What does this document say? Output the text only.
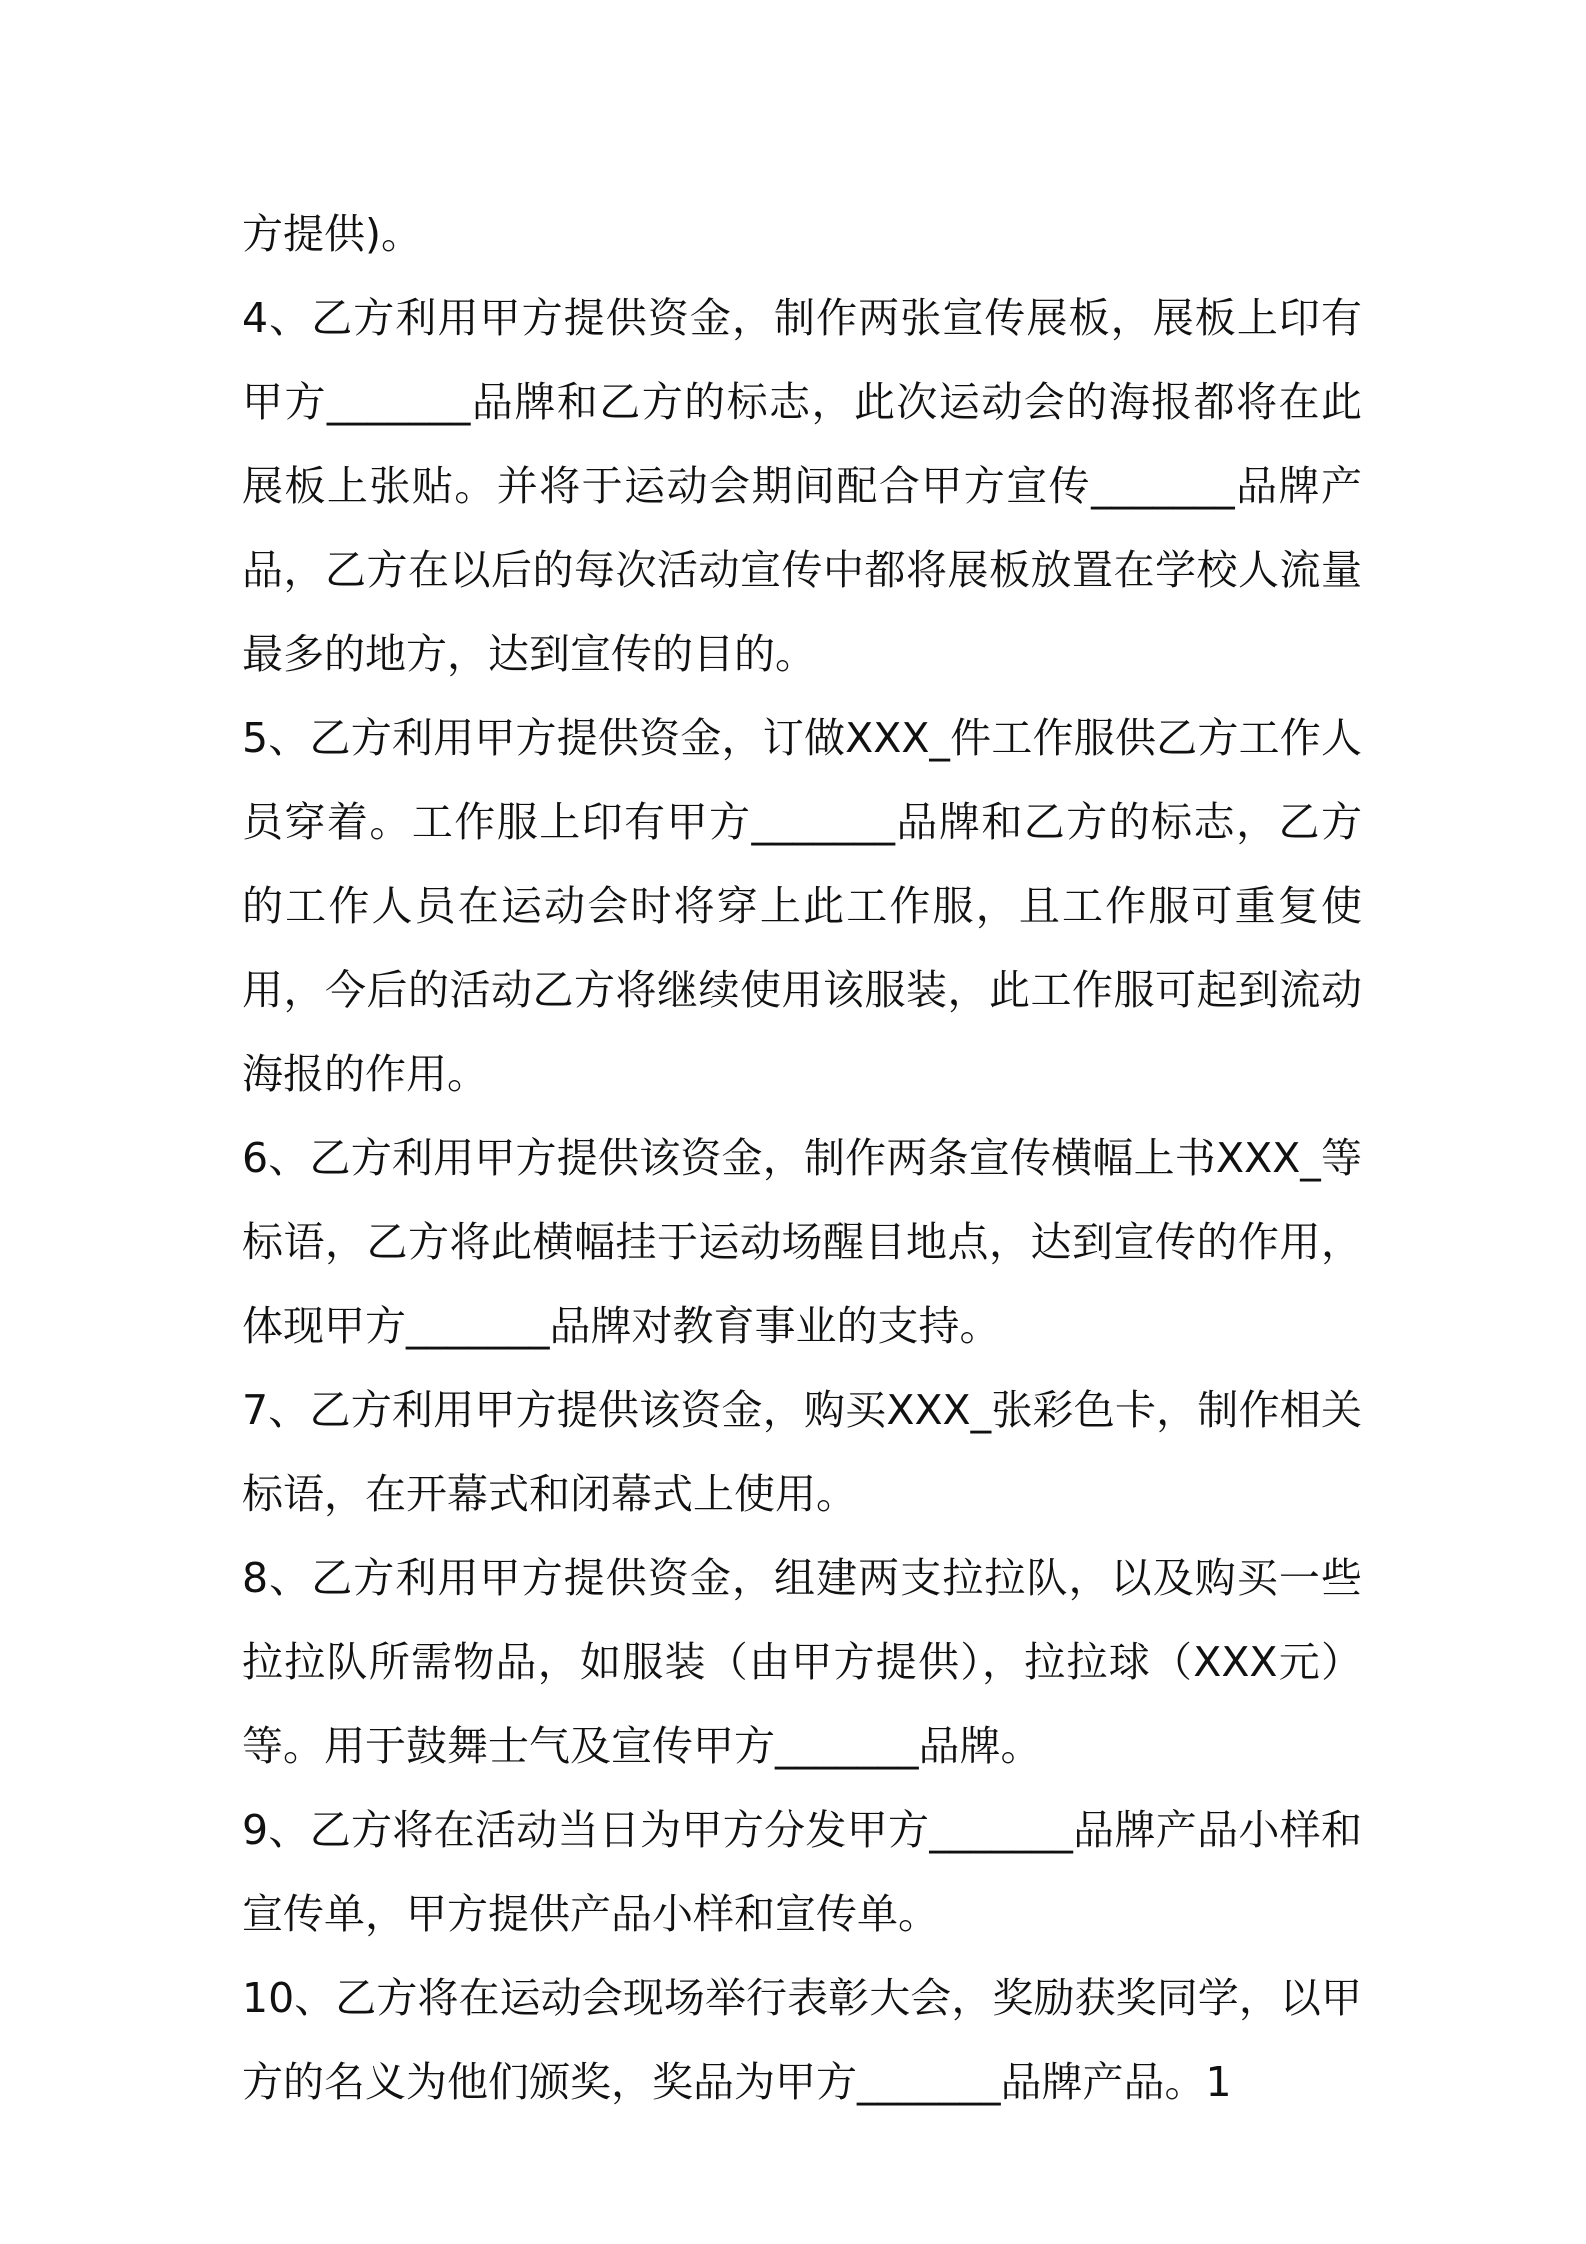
方提供)。

4、乙方利用甲方提供资金，制作两张宣传展板，展板上印有甲方_______品牌和乙方的标志，此次运动会的海报都将在此展板上张贴。并将于运动会期间配合甲方宣传_______品牌产品，乙方在以后的每次活动宣传中都将展板放置在学校人流量最多的地方，达到宣传的目的。

5、乙方利用甲方提供资金，订做XXX_件工作服供乙方工作人员穿着。工作服上印有甲方_______品牌和乙方的标志，乙方的工作人员在运动会时将穿上此工作服，且工作服可重复使用，今后的活动乙方将继续使用该服装，此工作服可起到流动海报的作用。

6、乙方利用甲方提供该资金，制作两条宣传横幅上书XXX_等标语，乙方将此横幅挂于运动场醒目地点，达到宣传的作用，体现甲方_______品牌对教育事业的支持。

7、乙方利用甲方提供该资金，购买XXX_张彩色卡，制作相关标语，在开幕式和闭幕式上使用。

8、乙方利用甲方提供资金，组建两支拉拉队，以及购买一些拉拉队所需物品，如服装（由甲方提供），拉拉球（XXX元）等。用于鼓舞士气及宣传甲方_______品牌。

9、乙方将在活动当日为甲方分发甲方_______品牌产品小样和宣传单，甲方提供产品小样和宣传单。

10、乙方将在运动会现场举行表彰大会，奖励获奖同学，以甲方的名义为他们颁奖，奖品为甲方_______品牌产品。1
